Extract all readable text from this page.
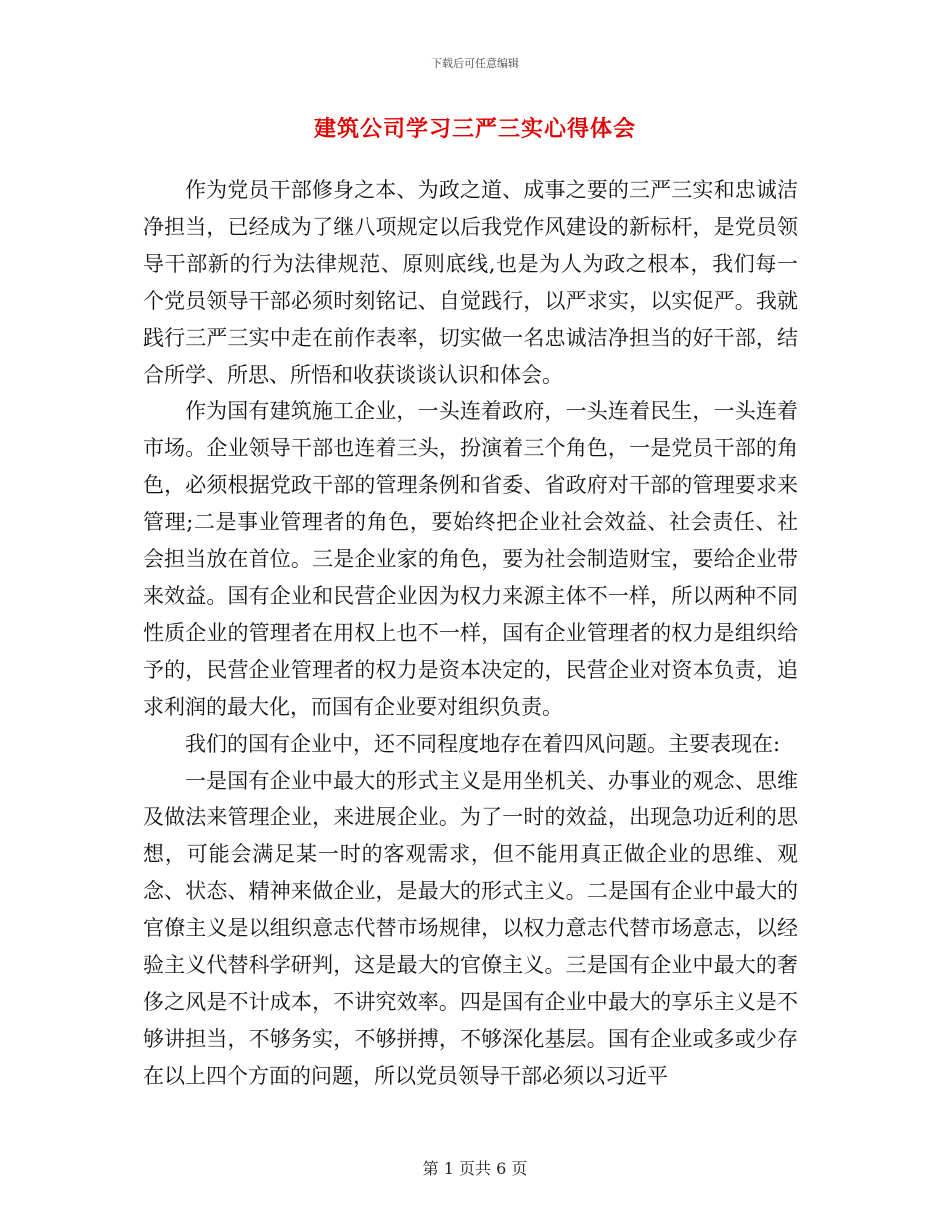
下载后可任意编辑
建筑公司学习三严三实心得体会

作为党员干部修身之本、为政之道、成事之要的三严三实和忠诚洁净担当，已经成为了继八项规定以后我党作风建设的新标杆，是党员领导干部新的行为法律规范、原则底线,也是为人为政之根本，我们每一个党员领导干部必须时刻铭记、自觉践行，以严求实，以实促严。我就践行三严三实中走在前作表率，切实做一名忠诚洁净担当的好干部，结合所学、所思、所悟和收获谈谈认识和体会。

作为国有建筑施工企业，一头连着政府，一头连着民生，一头连着市场。企业领导干部也连着三头，扮演着三个角色，一是党员干部的角色，必须根据党政干部的管理条例和省委、省政府对干部的管理要求来管理;二是事业管理者的角色，要始终把企业社会效益、社会责任、社会担当放在首位。三是企业家的角色，要为社会制造财宝，要给企业带来效益。国有企业和民营企业因为权力来源主体不一样，所以两种不同性质企业的管理者在用权上也不一样，国有企业管理者的权力是组织给予的，民营企业管理者的权力是资本决定的，民营企业对资本负责，追求利润的最大化，而国有企业要对组织负责。

我们的国有企业中，还不同程度地存在着四风问题。主要表现在:

一是国有企业中最大的形式主义是用坐机关、办事业的观念、思维及做法来管理企业，来进展企业。为了一时的效益，出现急功近利的思想，可能会满足某一时的客观需求，但不能用真正做企业的思维、观念、状态、精神来做企业，是最大的形式主义。二是国有企业中最大的官僚主义是以组织意志代替市场规律，以权力意志代替市场意志，以经验主义代替科学研判，这是最大的官僚主义。三是国有企业中最大的奢侈之风是不计成本，不讲究效率。四是国有企业中最大的享乐主义是不够讲担当，不够务实，不够拼搏，不够深化基层。国有企业或多或少存在以上四个方面的问题，所以党员领导干部必须以习近平

第 1 页共 6 页
